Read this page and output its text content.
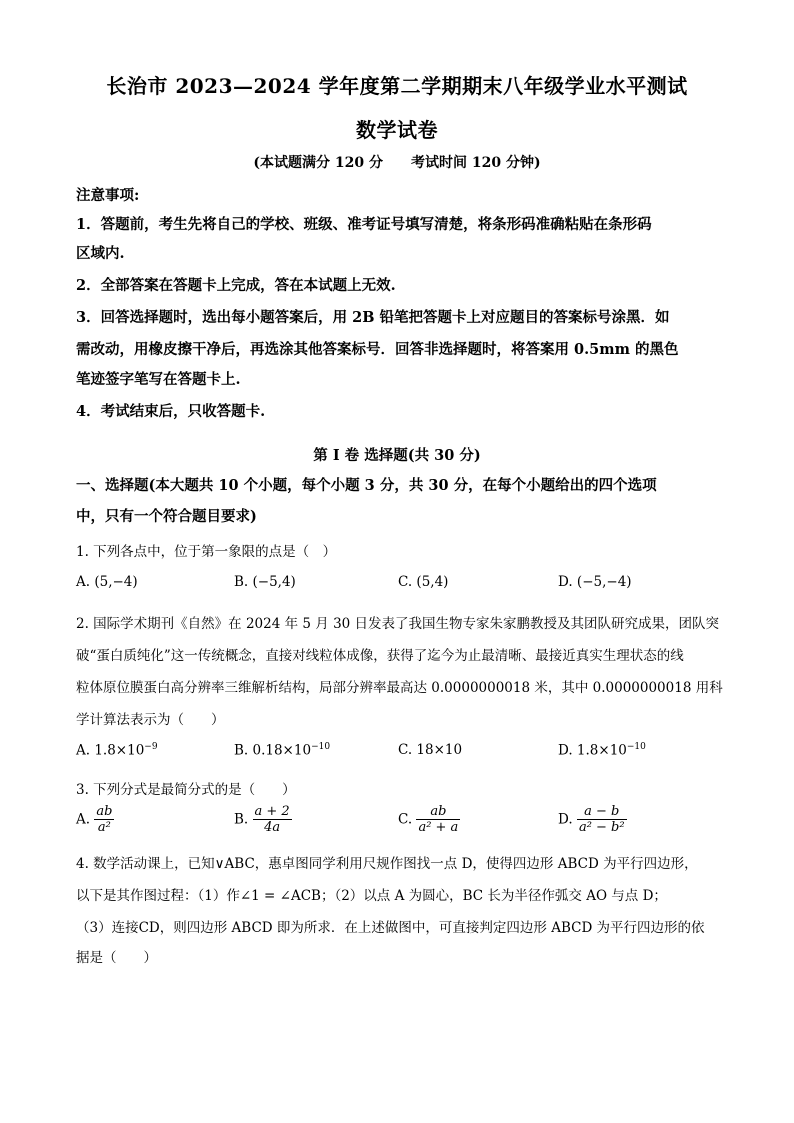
长治市 2023—2024 学年度第二学期期末八年级学业水平测试
数学试卷
(本试题满分 120 分 考试时间 120 分钟)
注意事项:
1．答题前，考生先将自己的学校、班级、准考证号填写清楚，将条形码准确粘贴在条形码
区域内.
2．全部答案在答题卡上完成，答在本试题上无效.
3．回答选择题时，选出每小题答案后，用 2B 铅笔把答题卡上对应题目的答案标号涂黑．如
需改动，用橡皮擦干净后，再选涂其他答案标号．回答非选择题时，将答案用 0.5mm 的黑色
笔迹签字笔写在答题卡上.
4．考试结束后，只收答题卡.
第 I 卷 选择题(共 30 分)
一、选择题(本大题共 10 个小题，每个小题 3 分，共 30 分，在每个小题给出的四个选项
中，只有一个符合题目要求)
1. 下列各点中，位于第一象限的点是（　）
A. (5,−4)	B. (−5,4)	C. (5,4)	D. (−5,−4)
2. 国际学术期刊《自然》在 2024 年 5 月 30 日发表了我国生物专家朱家鹏教授及其团队研究成果，团队突
破“蛋白质纯化”这一传统概念，直接对线粒体成像，获得了迄今为止最清晰、最接近真实生理状态的线
粒体原位膜蛋白高分辨率三维解析结构，局部分辨率最高达 0.0000000018 米，其中 0.0000000018 用科
学计算法表示为（　　）
A. $1.8\times 10^{-9}$	B. $0.18\times 10^{-10}$	C. 18×10	D. $1.8\times 10^{-10}$
3. 下列分式是最简分式的是（　　）
A. $\frac{ab}{\text{a²}}$	B. $\frac{a + 2}{4a}$	C. $\frac{ab}{\text{a² + a}}$	D. $\frac{a - b}{\text{a² − b²}}$
4. 数学活动课上，已知∨ABC，惠卓图同学利用尺规作图找一点 D，使得四边形 ABCD 为平行四边形，
以下是其作图过程：（1）作∠1 = ∠ACB；（2）以点 A 为圆心，BC 长为半径作弧交 AO 与点 D；
（3）连接CD，则四边形 ABCD 即为所求．在上述做图中，可直接判定四边形 ABCD 为平行四边形的依
据是（　　）
